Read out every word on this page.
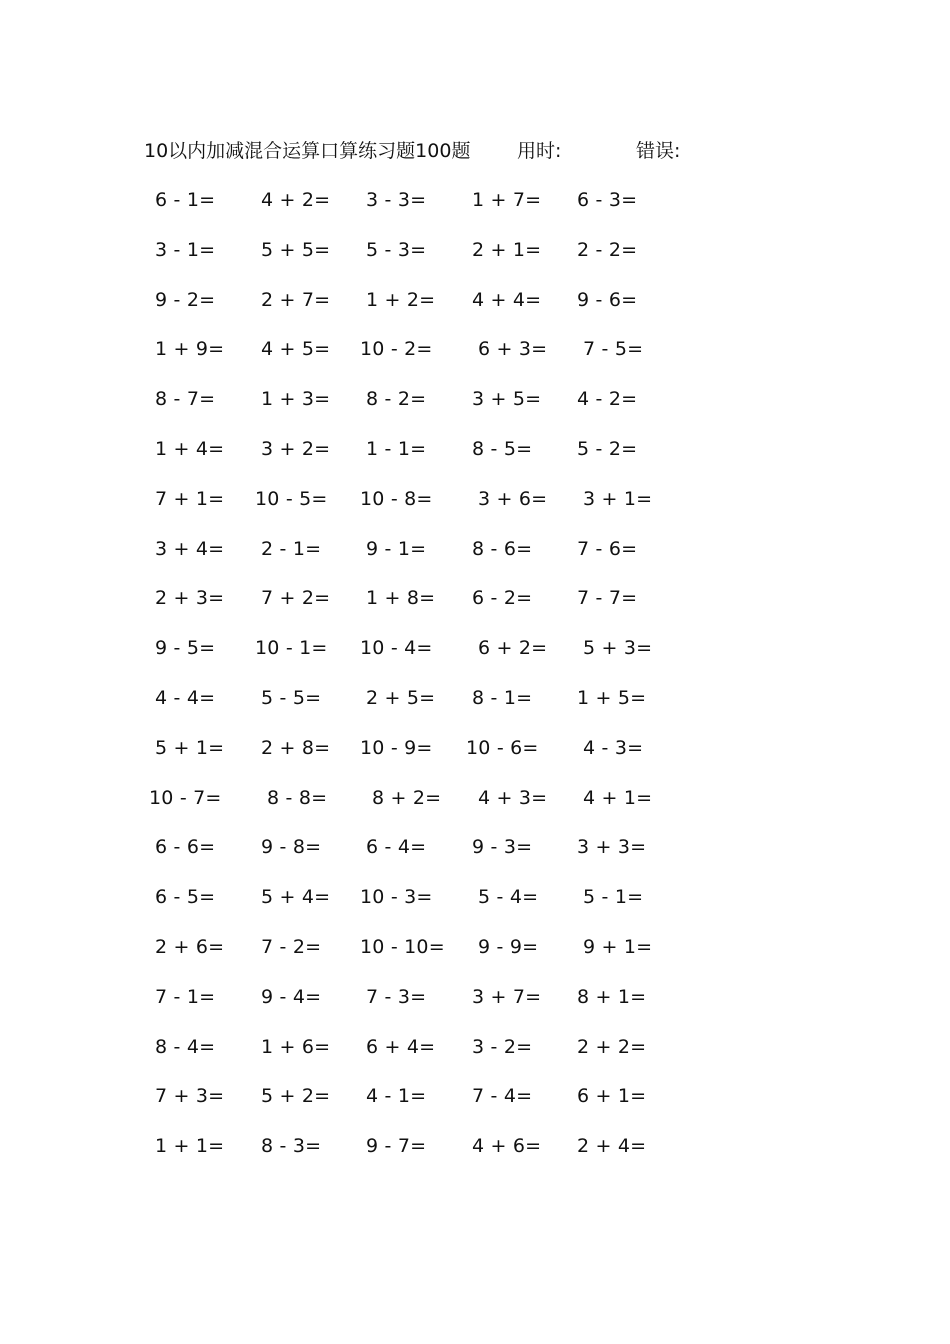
10以内加减混合运算口算练习题100题 用时:	错误:
6 - 1= 4 + 2= 3 - 3= 1 + 7= 6 - 3=
3 - 1= 5 + 5= 5 - 3= 2 + 1= 2 - 2=
9 - 2= 2 + 7= 1 + 2= 4 + 4= 9 - 6=
1 + 9= 4 + 5= 10 - 2= 6 + 3= 7 - 5=
8 - 7= 1 + 3= 8 - 2= 3 + 5= 4 - 2=
1 + 4= 3 + 2= 1 - 1= 8 - 5= 5 - 2=
7 + 1= 10 - 5= 10 - 8= 3 + 6= 3 + 1=
3 + 4= 2 - 1= 9 - 1= 8 - 6= 7 - 6=
2 + 3= 7 + 2= 1 + 8= 6 - 2= 7 - 7=
9 - 5= 10 - 1= 10 - 4= 6 + 2= 5 + 3=
4 - 4= 5 - 5= 2 + 5= 8 - 1= 1 + 5=
5 + 1= 2 + 8= 10 - 9= 10 - 6= 4 - 3=
10 - 7= 8 - 8= 8 + 2= 4 + 3= 4 + 1=
6 - 6= 9 - 8= 6 - 4= 9 - 3= 3 + 3=
6 - 5= 5 + 4= 10 - 3= 5 - 4= 5 - 1=
2 + 6= 7 - 2= 10 - 10= 9 - 9= 9 + 1=
7 - 1= 9 - 4= 7 - 3= 3 + 7= 8 + 1=
8 - 4= 1 + 6= 6 + 4= 3 - 2= 2 + 2=
7 + 3= 5 + 2= 4 - 1= 7 - 4= 6 + 1=
1 + 1= 8 - 3= 9 - 7= 4 + 6= 2 + 4=
